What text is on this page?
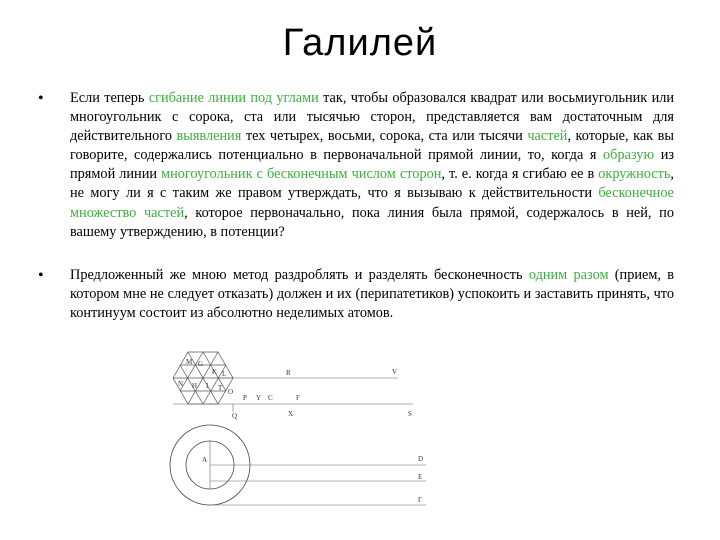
Галилей
• Если теперь сгибание линии под углами так, чтобы образовался квадрат или восьмиугольник или многоугольник с сорока, ста или тысячью сторон, представляется вам достаточным для действительного выявления тех четырех, восьми, сорока, ста или тысячи частей, которые, как вы говорите, содержались потенциально в первоначальной прямой линии, то, когда я образую из прямой линии многоугольник с бесконечным числом сторон, т. е. когда я сгибаю ее в окружность, не могу ли я с таким же правом утверждать, что я вызываю к действительности бесконечное множество частей, которое первоначально, пока линия была прямой, содержалось в ней, по вашему утверждению, в потенции?
• Предложенный же мною метод раздроблять и разделять бесконечность одним разом (прием, в котором мне не следует отказать) должен и их (перипатетиков) успокоить и заставить принять, что континуум состоит из абсолютно неделимых атомов.
M G
K L
N H I T O
P Y C
Q
F
R	V
X	S
A	D
E
Г
